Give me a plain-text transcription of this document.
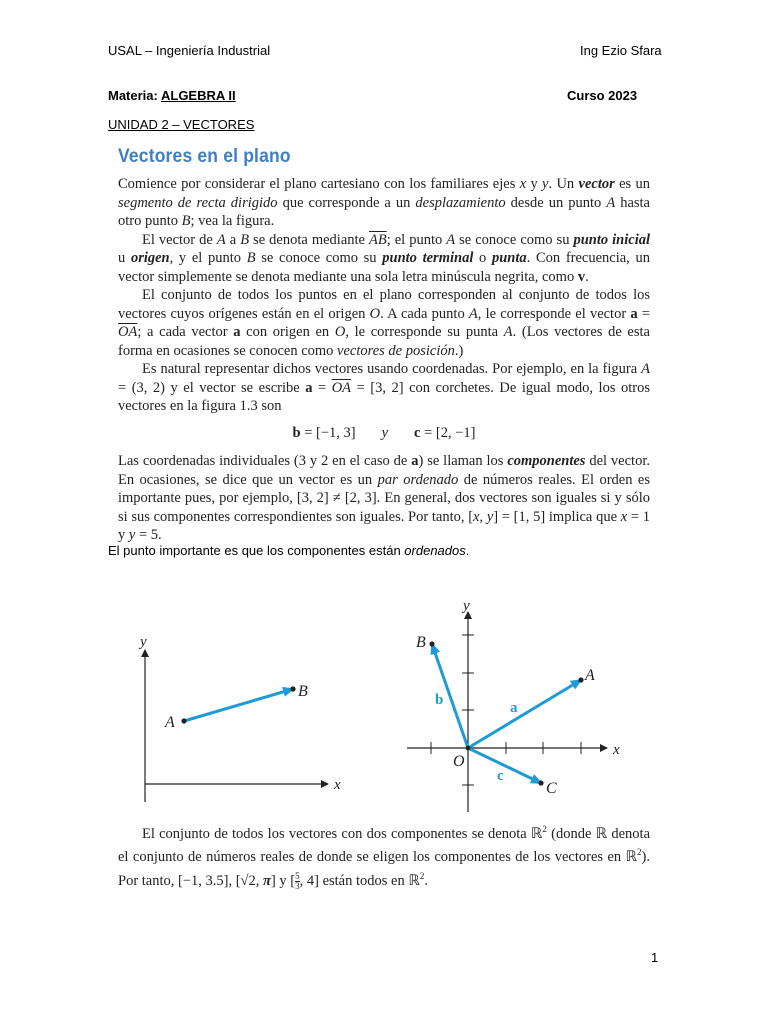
USAL – Ingeniería Industrial	Ing Ezio Sfara
Materia: ALGEBRA II	Curso 2023
UNIDAD 2 – VECTORES
Vectores en el plano
Comience por considerar el plano cartesiano con los familiares ejes x y y. Un vector es un segmento de recta dirigido que corresponde a un desplazamiento desde un punto A hasta otro punto B; vea la figura.
El vector de A a B se denota mediante $\overline{AB}$; el punto A se conoce como su punto inicial u origen, y el punto B se conoce como su punto terminal o punta. Con frecuencia, un vector simplemente se denota mediante una sola letra minúscula negrita, como v.
El conjunto de todos los puntos en el plano corresponden al conjunto de todos los vectores cuyos orígenes están en el origen O. A cada punto A, le corresponde el vector $a = \overline{OA}$; a cada vector a con origen en O, le corresponde su punta A. (Los vectores de esta forma en ocasiones se conocen como vectores de posición.)
Es natural representar dichos vectores usando coordenadas. Por ejemplo, en la figura A = (3, 2) y el vector se escribe $a = \overline{OA} = [3$, 2] con corchetes. De igual modo, los otros vectores en la figura 1.3 son
b = [−1, 3] y c = [2, −1]
Las coordenadas individuales (3 y 2 en el caso de a) se llaman los componentes del vector. En ocasiones, se dice que un vector es un par ordenado de números reales. El orden es importante pues, por ejemplo, [3, 2] ≠ [2, 3]. En general, dos vectores son iguales si y sólo si sus componentes correspondientes son iguales. Por tanto, [x, y] = [1, 5] implica que x = 1 y y = 5.
El punto importante es que los componentes están ordenados.
y
x
A
B
y
x
A
B
C
O
a
b
c
El conjunto de todos los vectores con dos componentes se denota ℝ$^2$ (donde ℝ denota el conjunto de números reales de donde se eligen los componentes de los vectores en ℝ$^2$). Por tanto, [−1, 3.5], [√2, π] y [ $\frac{5}{3}$ , 4] están todos en ℝ$^2$.
1
